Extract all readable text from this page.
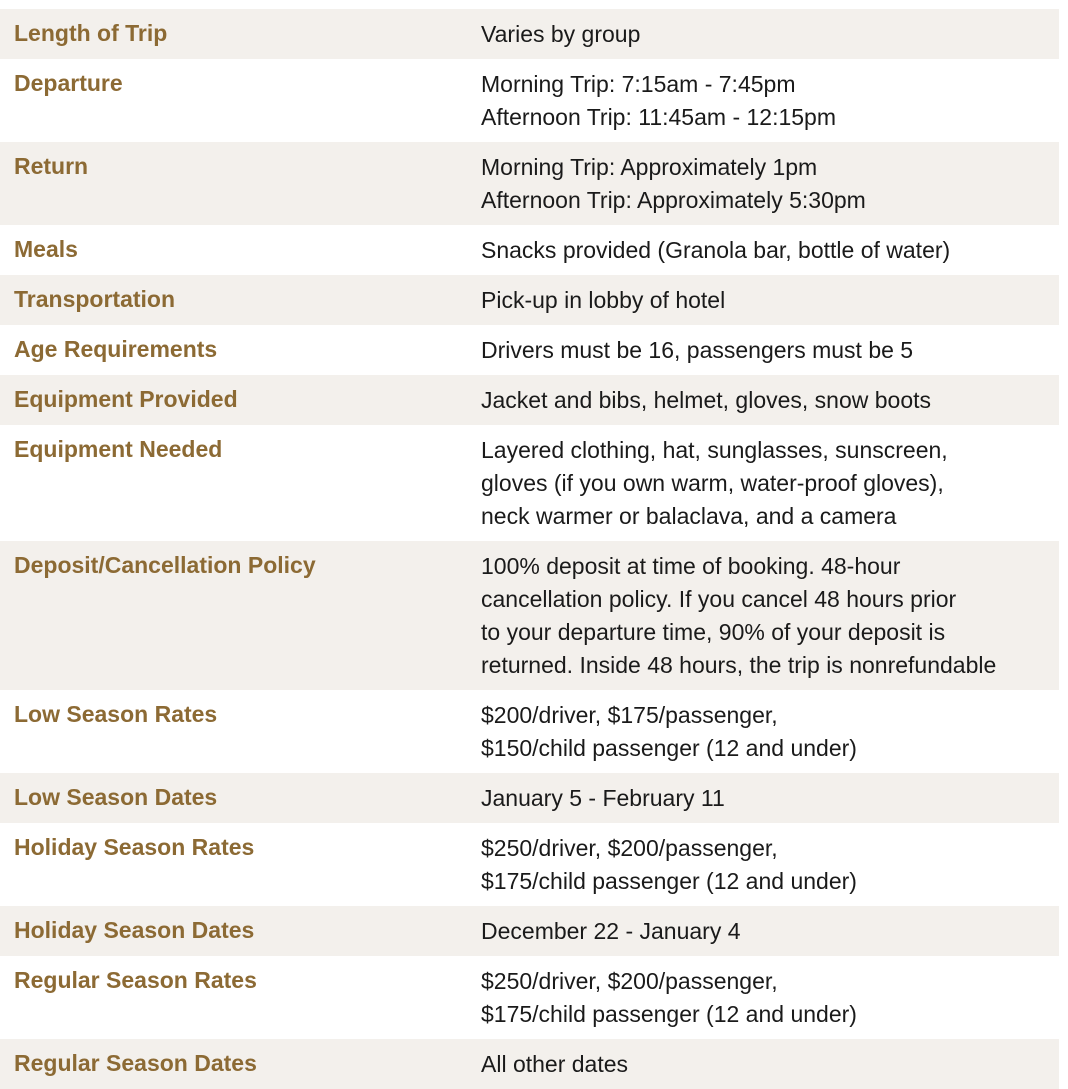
Length of Trip	Varies by group
Departure	Morning Trip: 7:15am - 7:45pm
Afternoon Trip: 11:45am - 12:15pm
Return	Morning Trip: Approximately 1pm
Afternoon Trip: Approximately 5:30pm
Meals	Snacks provided (Granola bar, bottle of water)
Transportation	Pick-up in lobby of hotel
Age Requirements	Drivers must be 16, passengers must be 5
Equipment Provided	Jacket and bibs, helmet, gloves, snow boots
Equipment Needed	Layered clothing, hat, sunglasses, sunscreen,
gloves (if you own warm, water-proof gloves),
neck warmer or balaclava, and a camera
Deposit/Cancellation Policy	100% deposit at time of booking. 48-hour
cancellation policy. If you cancel 48 hours prior
to your departure time, 90% of your deposit is
returned. Inside 48 hours, the trip is nonrefundable
Low Season Rates	$200/driver, $175/passenger,
$150/child passenger (12 and under)
Low Season Dates	January 5 - February 11
Holiday Season Rates	$250/driver, $200/passenger,
$175/child passenger (12 and under)
Holiday Season Dates	December 22 - January 4
Regular Season Rates	$250/driver, $200/passenger,
$175/child passenger (12 and under)
Regular Season Dates	All other dates
